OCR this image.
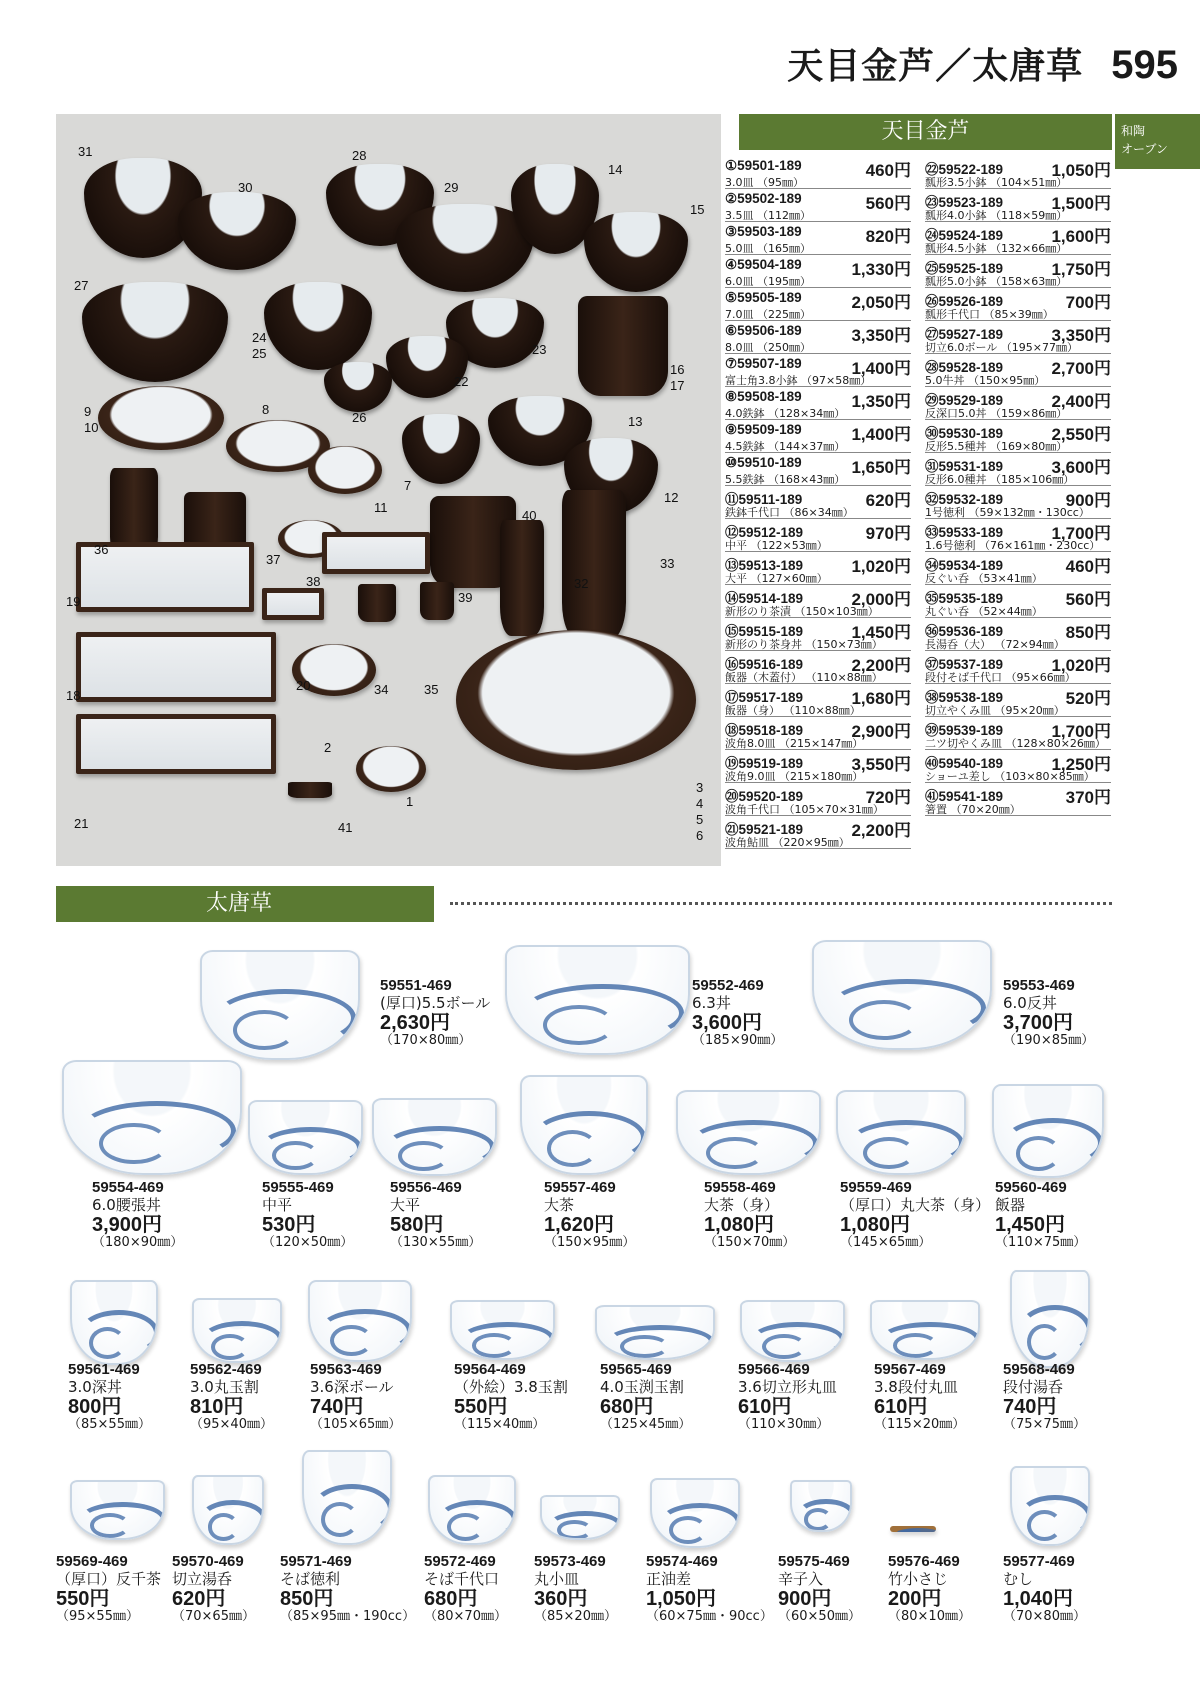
天目金芦／太唐草 595
和陶
オーブン
31	28
14
30	29
15
27
24
25	23
16
17
22
26
9
10
8
13
7
12
11
36
40
37	33
38
39
32
19
20	34	35
18
2
1
3
4
5
6
21	41
天目金芦
①59501-189	460円
3.0皿 （95㎜）
②59502-189	560円
3.5皿 （112㎜）
③59503-189	820円
5.0皿 （165㎜）
④59504-189	1,330円
6.0皿 （195㎜）
⑤59505-189	2,050円
7.0皿 （225㎜）
⑥59506-189	3,350円
8.0皿 （250㎜）
⑦59507-189	1,400円
富士角3.8小鉢 （97×58㎜）
⑧59508-189	1,350円
4.0鉄鉢 （128×34㎜）
⑨59509-189	1,400円
4.5鉄鉢 （144×37㎜）
⑩59510-189	1,650円
5.5鉄鉢 （168×43㎜）
⑪59511-189	620円
鉄鉢千代口 （86×34㎜）
⑫59512-189	970円
中平 （122×53㎜）
⑬59513-189	1,020円
大平 （127×60㎜）
⑭59514-189	2,000円
新形のり茶漬 （150×103㎜）
⑮59515-189	1,450円
新形のり茶身丼 （150×73㎜）
⑯59516-189	2,200円
飯器（木蓋付） （110×88㎜）
⑰59517-189	1,680円
飯器（身） （110×88㎜）
⑱59518-189	2,900円
波角8.0皿 （215×147㎜）
⑲59519-189	3,550円
波角9.0皿 （215×180㎜）
⑳59520-189	720円
波角千代口 （105×70×31㎜）
㉑59521-189	2,200円
波角鮎皿 （220×95㎜）
㉒59522-189	1,050円
瓢形3.5小鉢 （104×51㎜）
㉓59523-189	1,500円
瓢形4.0小鉢 （118×59㎜）
㉔59524-189	1,600円
瓢形4.5小鉢 （132×66㎜）
㉕59525-189	1,750円
瓢形5.0小鉢 （158×63㎜）
㉖59526-189	700円
瓢形千代口 （85×39㎜）
㉗59527-189	3,350円
切立6.0ボール （195×77㎜）
㉘59528-189	2,700円
5.0牛丼 （150×95㎜）
㉙59529-189	2,400円
反深口5.0丼 （159×86㎜）
㉚59530-189	2,550円
反形5.5種丼 （169×80㎜）
㉛59531-189	3,600円
反形6.0種丼 （185×106㎜）
㉜59532-189	900円
1号徳利 （59×132㎜・130cc）
㉝59533-189	1,700円
1.6号徳利 （76×161㎜・230cc）
㉞59534-189	460円
反ぐい呑 （53×41㎜）
㉟59535-189	560円
丸ぐい呑 （52×44㎜）
㊱59536-189	850円
長湯呑（大） （72×94㎜）
㊲59537-189	1,020円
段付そば千代口 （95×66㎜）
㊳59538-189	520円
切立やくみ皿 （95×20㎜）
㊴59539-189	1,700円
二ツ切やくみ皿 （128×80×26㎜）
㊵59540-189	1,250円
ショーユ差し （103×80×85㎜）
㊶59541-189	370円
箸置 （70×20㎜）
太唐草
59551-469
(厚口)5.5ボール
2,630円
（170×80㎜）
59552-469
6.3丼
3,600円
（185×90㎜）
59553-469
6.0反丼
3,700円
（190×85㎜）
59554-469
6.0腰張丼
3,900円
（180×90㎜）
59555-469
中平
530円
（120×50㎜）
59556-469
大平
580円
（130×55㎜）
59557-469
大茶
1,620円
（150×95㎜）
59558-469
大茶（身）
1,080円
（150×70㎜）
59559-469
（厚口）丸大茶（身）
1,080円
（145×65㎜）
59560-469
飯器
1,450円
（110×75㎜）
59561-469
3.0深丼
800円
（85×55㎜）
59562-469
3.0丸玉割
810円
（95×40㎜）
59563-469
3.6深ボール
740円
（105×65㎜）
59564-469
（外絵）3.8玉割
550円
（115×40㎜）
59565-469
4.0玉渕玉割
680円
（125×45㎜）
59566-469
3.6切立形丸皿
610円
（110×30㎜）
59567-469
3.8段付丸皿
610円
（115×20㎜）
59568-469
段付湯呑
740円
（75×75㎜）
59569-469
（厚口）反千茶
550円
（95×55㎜）
59570-469
切立湯呑
620円
（70×65㎜）
59571-469
そば徳利
850円
（85×95㎜・190cc）
59572-469
そば千代口
680円
（80×70㎜）
59573-469
丸小皿
360円
（85×20㎜）
59574-469
正油差
1,050円
（60×75㎜・90cc）
59575-469
辛子入
900円
（60×50㎜）
59576-469
竹小さじ
200円
（80×10㎜）
59577-469
むし
1,040円
（70×80㎜）
